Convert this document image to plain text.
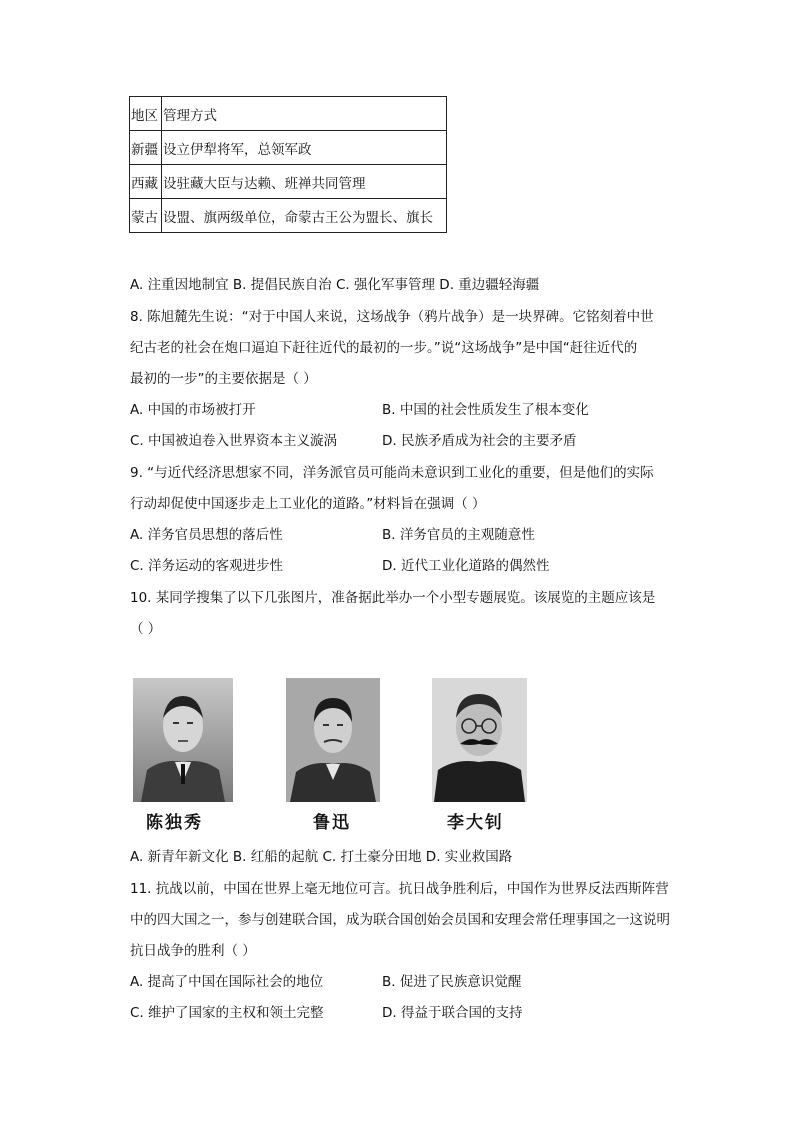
地区	管理方式
新疆	设立伊犁将军，总领军政
西藏	设驻藏大臣与达赖、班禅共同管理
蒙古	设盟、旗两级单位，命蒙古王公为盟长、旗长
A. 注重因地制宜 B. 提倡民族自治 C. 强化军事管理 D. 重边疆轻海疆
8. 陈旭麓先生说：“对于中国人来说，这场战争（鸦片战争）是一块界碑。它铭刻着中世
纪古老的社会在炮口逼迫下赶往近代的最初的一步。”说“这场战争”是中国“赶往近代的
最初的一步”的主要依据是（ ）
A. 中国的市场被打开	B. 中国的社会性质发生了根本变化
C. 中国被迫卷入世界资本主义漩涡	D. 民族矛盾成为社会的主要矛盾
9. “与近代经济思想家不同，洋务派官员可能尚未意识到工业化的重要，但是他们的实际
行动却促使中国逐步走上工业化的道路。”材料旨在强调（ ）
A. 洋务官员思想的落后性	B. 洋务官员的主观随意性
C. 洋务运动的客观进步性	D. 近代工业化道路的偶然性
10. 某同学搜集了以下几张图片，准备据此举办一个小型专题展览。该展览的主题应该是
（ ）
陈独秀	鲁迅	李大钊
A. 新青年新文化 B. 红船的起航 C. 打土豪分田地 D. 实业救国路
11. 抗战以前，中国在世界上毫无地位可言。抗日战争胜利后，中国作为世界反法西斯阵营
中的四大国之一，参与创建联合国，成为联合国创始会员国和安理会常任理事国之一这说明
抗日战争的胜利（ ）
A. 提高了中国在国际社会的地位	B. 促进了民族意识觉醒
C. 维护了国家的主权和领土完整	D. 得益于联合国的支持
